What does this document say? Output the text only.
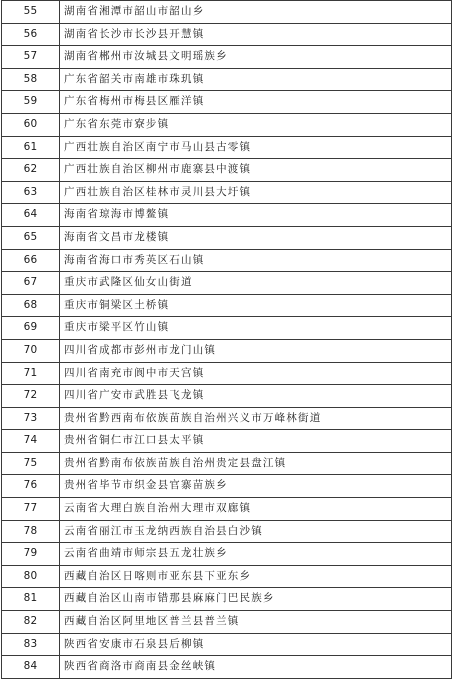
55	湖南省湘潭市韶山市韶山乡
56	湖南省长沙市长沙县开慧镇
57	湖南省郴州市汝城县文明瑶族乡
58	广东省韶关市南雄市珠玑镇
59	广东省梅州市梅县区雁洋镇
60	广东省东莞市寮步镇
61	广西壮族自治区南宁市马山县古零镇
62	广西壮族自治区柳州市鹿寨县中渡镇
63	广西壮族自治区桂林市灵川县大圩镇
64	海南省琼海市博鳌镇
65	海南省文昌市龙楼镇
66	海南省海口市秀英区石山镇
67	重庆市武隆区仙女山街道
68	重庆市铜梁区土桥镇
69	重庆市梁平区竹山镇
70	四川省成都市彭州市龙门山镇
71	四川省南充市阆中市天宫镇
72	四川省广安市武胜县飞龙镇
73	贵州省黔西南布依族苗族自治州兴义市万峰林街道
74	贵州省铜仁市江口县太平镇
75	贵州省黔南布依族苗族自治州贵定县盘江镇
76	贵州省毕节市织金县官寨苗族乡
77	云南省大理白族自治州大理市双廊镇
78	云南省丽江市玉龙纳西族自治县白沙镇
79	云南省曲靖市师宗县五龙壮族乡
80	西藏自治区日喀则市亚东县下亚东乡
81	西藏自治区山南市错那县麻麻门巴民族乡
82	西藏自治区阿里地区普兰县普兰镇
83	陕西省安康市石泉县后柳镇
84	陕西省商洛市商南县金丝峡镇
